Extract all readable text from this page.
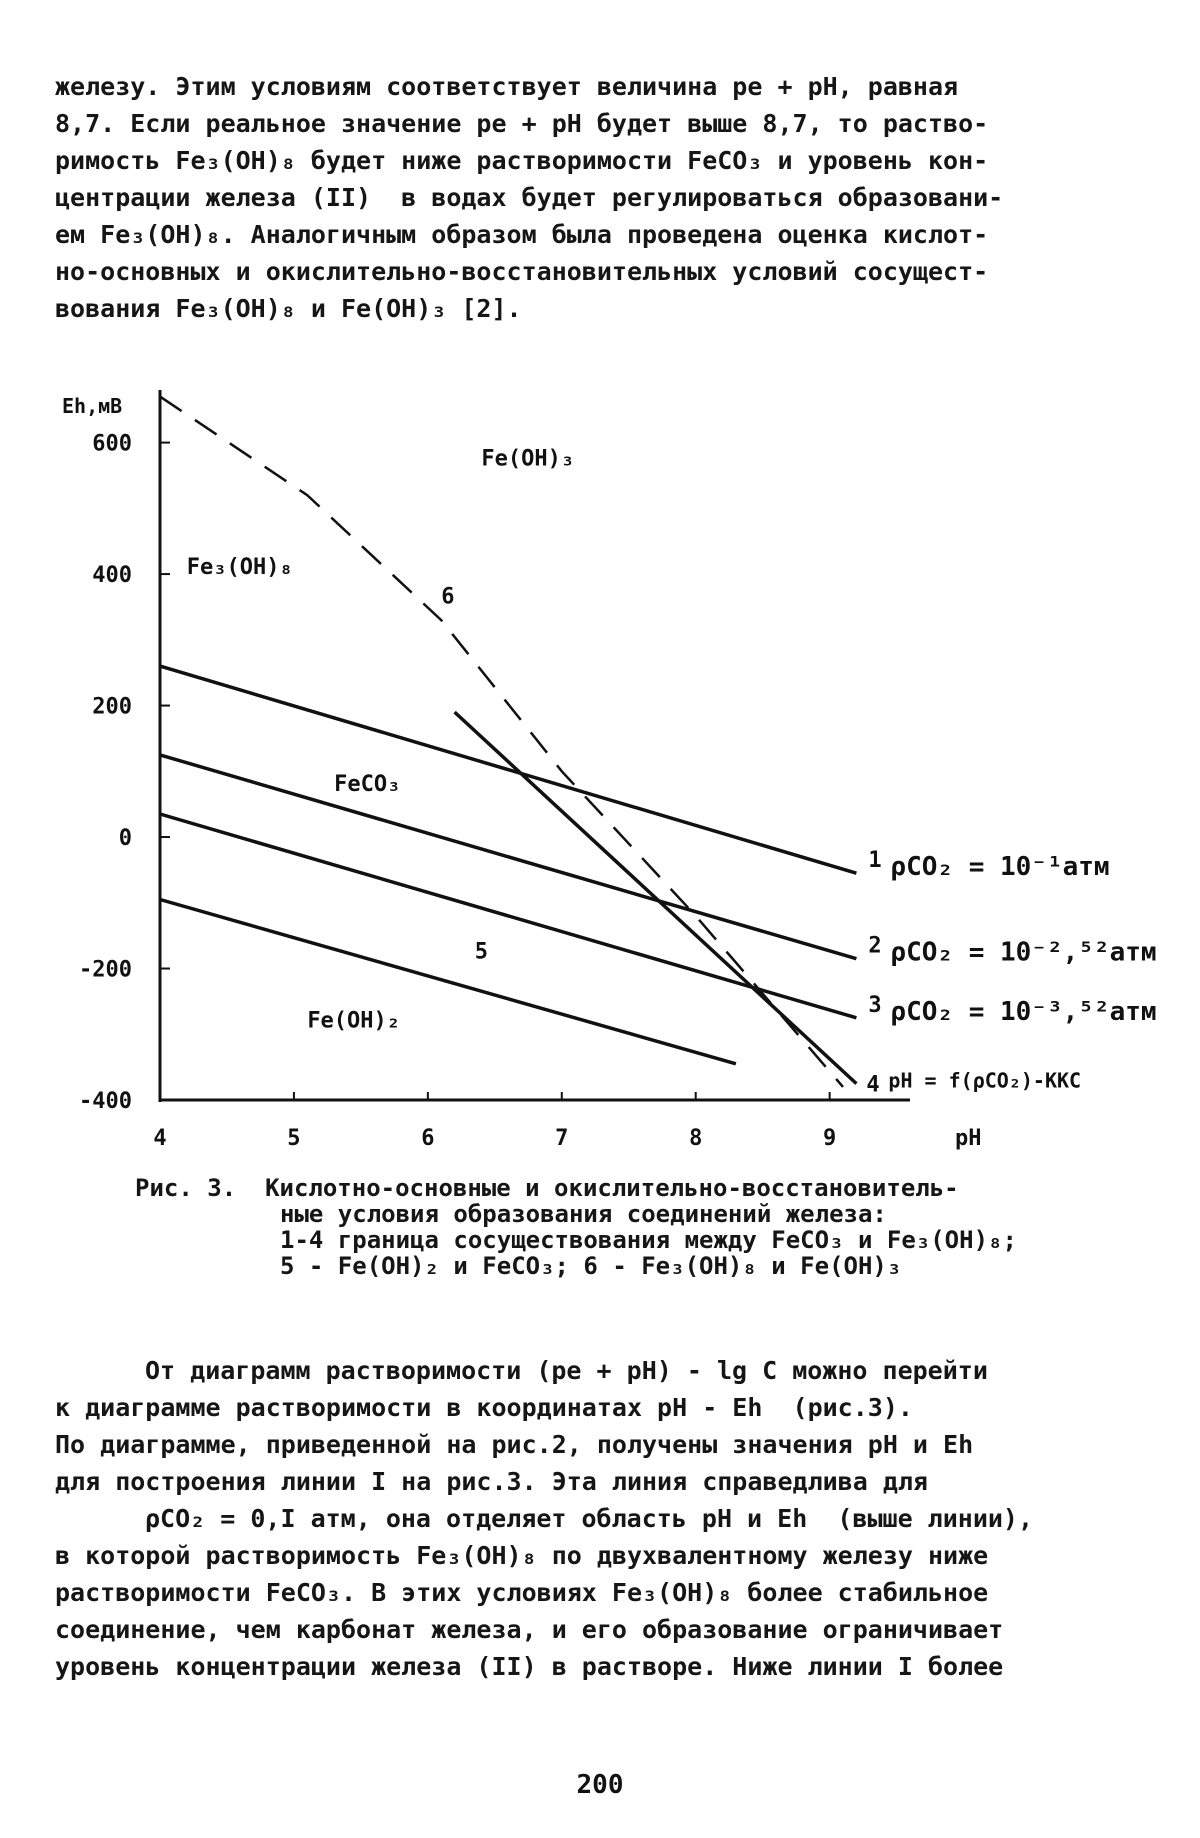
железу. Этим условиям соответствует величина pe + pH, равная
8,7. Если реальное значение pe + pH будет выше 8,7, то раство-
римость Fe₃(OH)₈ будет ниже растворимости FeCO₃ и уровень кон-
центрации железа (II)  в водах будет регулироваться образовани-
ем Fe₃(OH)₈. Аналогичным образом была проведена оценка кислот-
но-основных и окислительно-восстановительных условий сосущест-
вования Fe₃(OH)₈ и Fe(OH)₃ [2].
600
400
200
0
-200
-400
4	5	6	7	8	9
Eh,мВ
pH
1 ρCO₂ = 10⁻¹атм
2 ρCO₂ = 10⁻²,⁵²атм
3 ρCO₂ = 10⁻³,⁵²атм
4 pH = f(ρCO₂)-ККС
5
6
Fe(OH)₃
Fe₃(OH)₈
FeCO₃
Fe(OH)₂
Рис. 3. Кислотно-основные и окислительно-восстановитель-
ные условия образования соединений железа:
1-4 граница сосуществования между FeCO₃ и Fe₃(OH)₈;
5 - Fe(OH)₂ и FeCO₃; 6 - Fe₃(OH)₈ и Fe(OH)₃
От диаграмм растворимости (pe + pH) - lg C можно перейти
к диаграмме растворимости в координатах pH - Eh  (рис.3).
По диаграмме, приведенной на рис.2, получены значения pH и Eh
для построения линии I на рис.3. Эта линия справедлива для
ρCO₂ = 0,I атм, она отделяет область pH и Eh  (выше линии),
в которой растворимость Fe₃(OH)₈ по двухвалентному железу ниже
растворимости FeCO₃. В этих условиях Fe₃(OH)₈ более стабильное
соединение, чем карбонат железа, и его образование ограничивает
уровень концентрации железа (II) в растворе. Ниже линии I более
200
